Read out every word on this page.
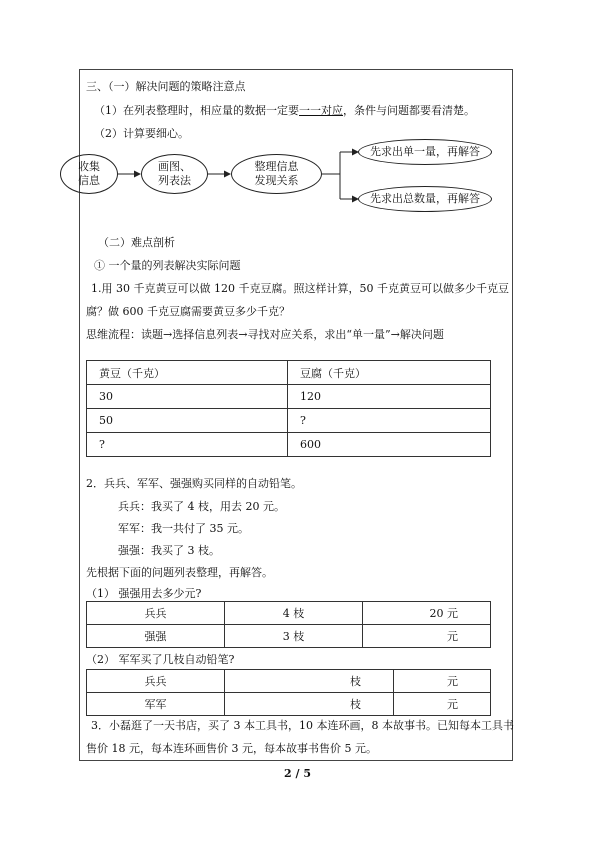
三、（一）解决问题的策略注意点
（1）在列表整理时，相应量的数据一定要一一对应，条件与问题都要看清楚。
（2）计算要细心。
收集
信息
画图、
列表法
整理信息
发现关系
先求出单一量，再解答
先求出总数量，再解答
（二）难点剖析
① 一个量的列表解决实际问题
1.用 30 千克黄豆可以做 120 千克豆腐。照这样计算，50 千克黄豆可以做多少千克豆
腐？做 600 千克豆腐需要黄豆多少千克？
思维流程：读题→选择信息列表→寻找对应关系，求出“单一量”→解决问题
黄豆（千克）	豆腐（千克）
30	120
50	?
?	600
2．兵兵、军军、强强购买同样的自动铅笔。
兵兵：我买了 4 枝，用去 20 元。
军军：我一共付了 35 元。
强强：我买了 3 枝。
先根据下面的问题列表整理，再解答。
（1） 强强用去多少元?
兵兵	4 枝	20 元
强强	3 枝	元
（2） 军军买了几枝自动铅笔?
兵兵	枝	元
军军	枝	元
3．小磊逛了一天书店，买了 3 本工具书，10 本连环画，8 本故事书。已知每本工具书
售价 18 元，每本连环画售价 3 元，每本故事书售价 5 元。
2 / 5
